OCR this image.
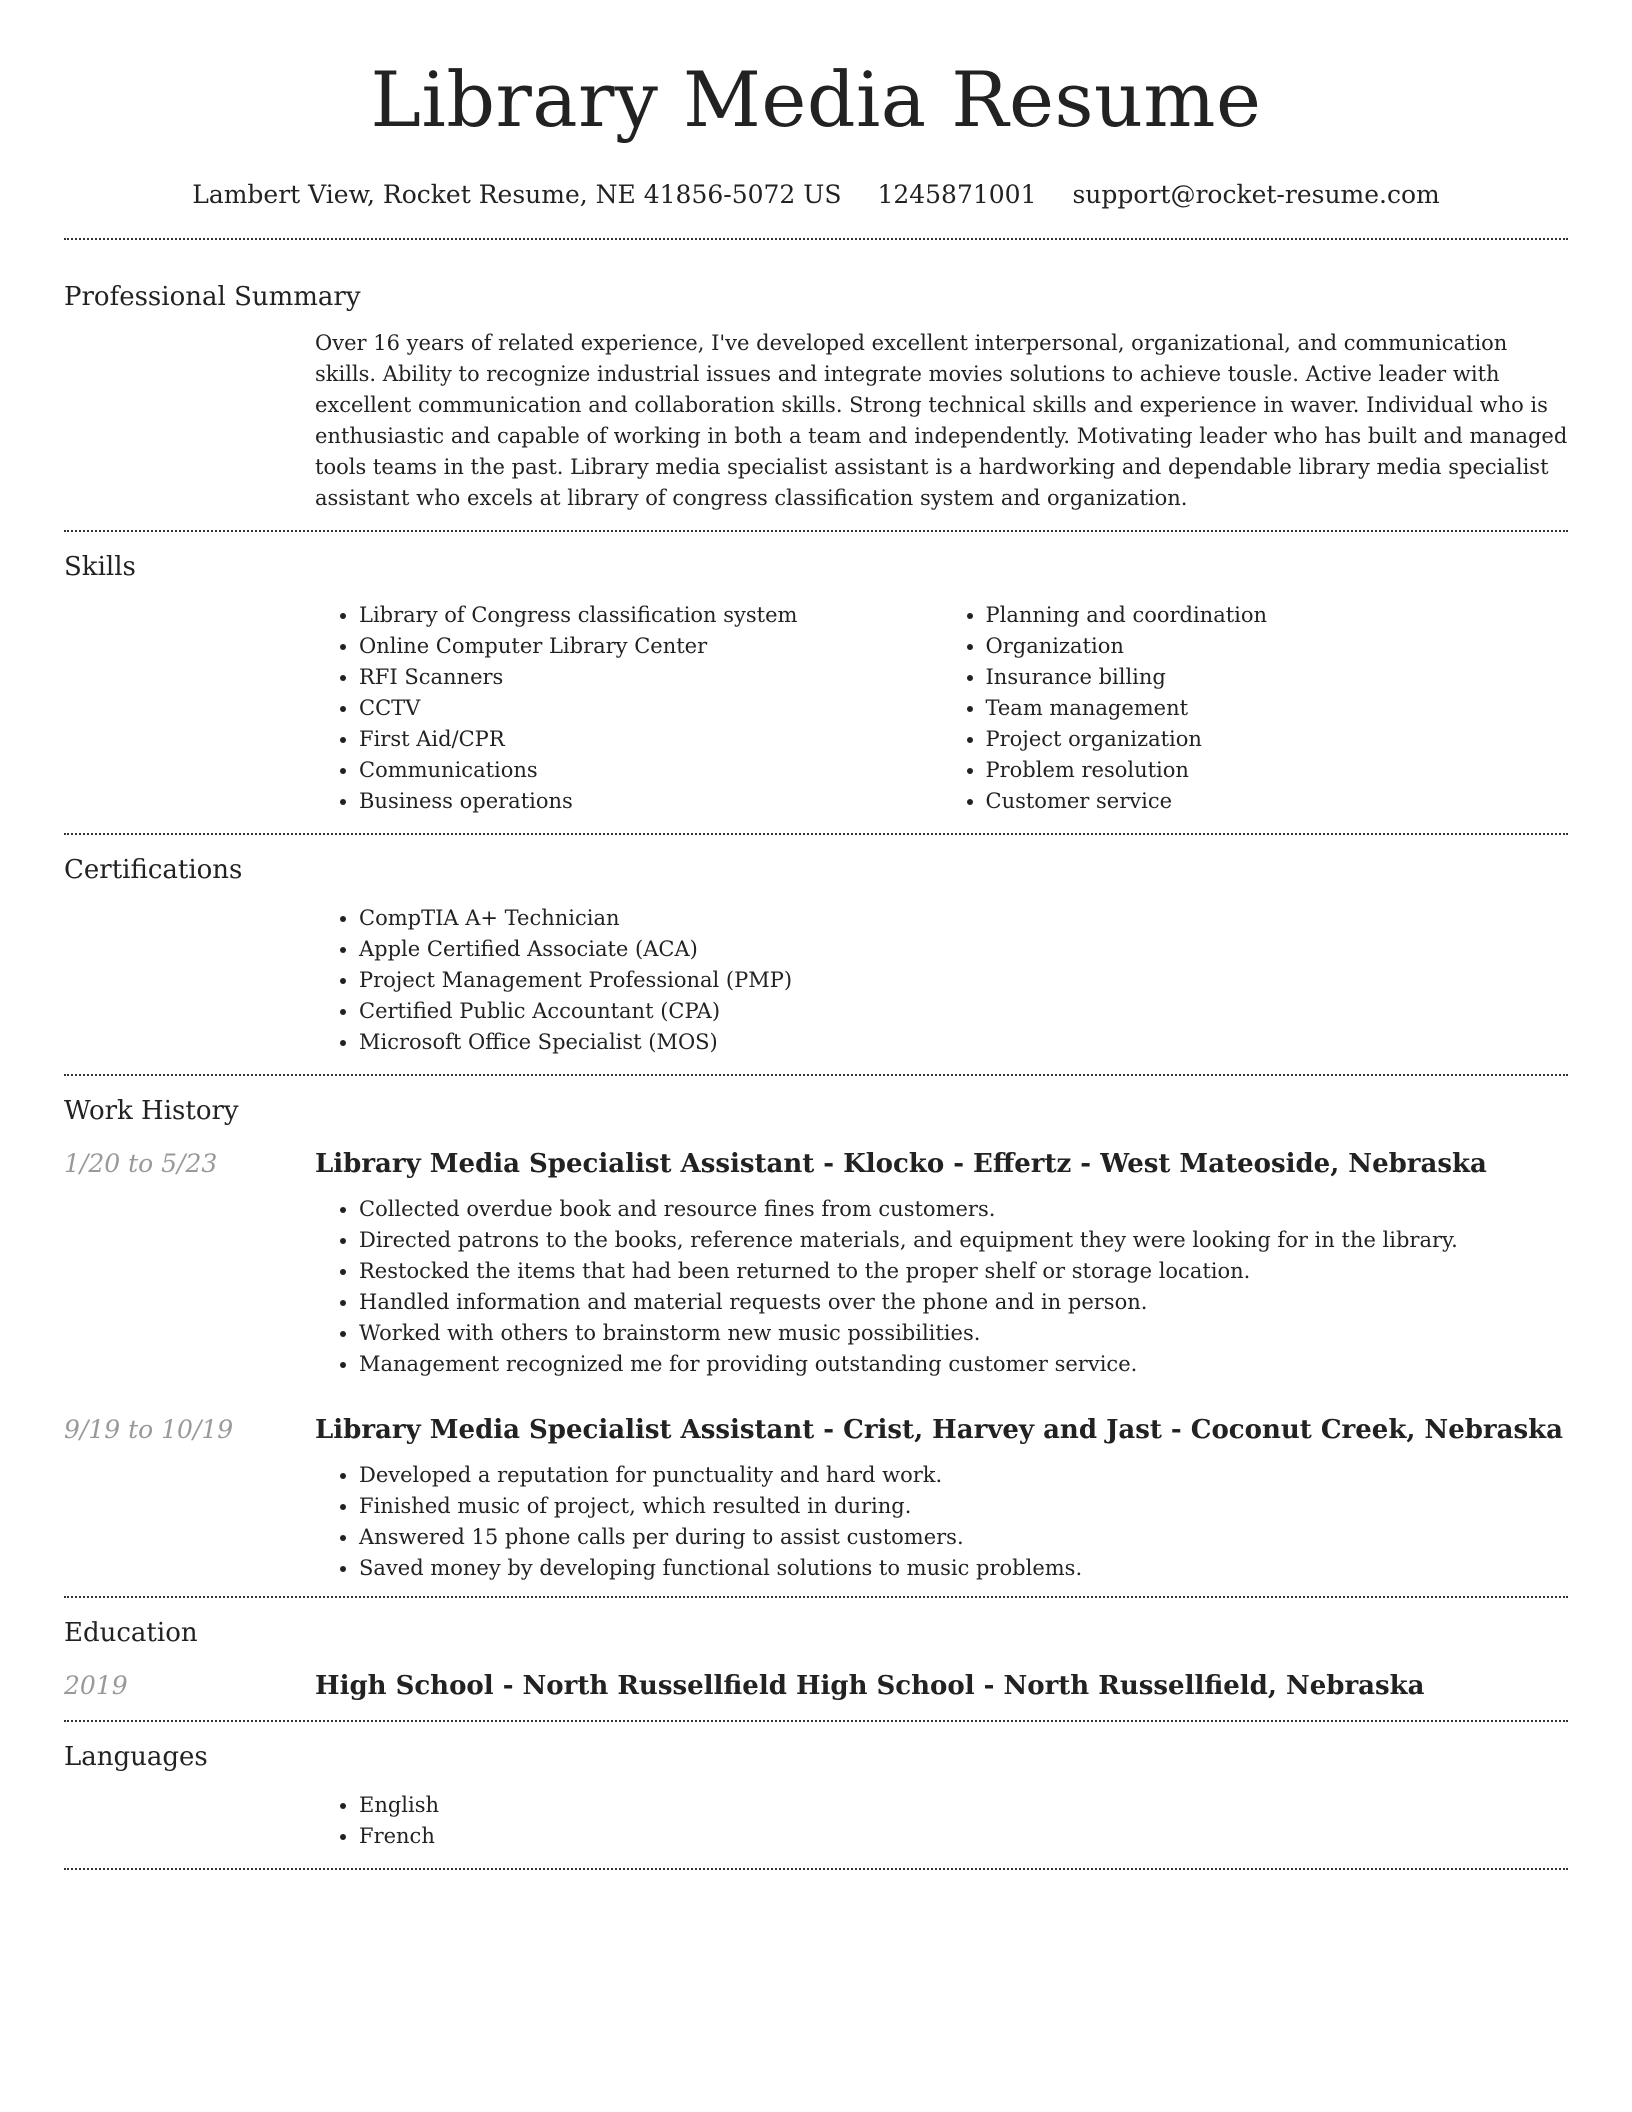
Library Media Resume
Lambert View, Rocket Resume, NE 41856-5072 US 1245871001 support@rocket-resume.com
Professional Summary

Over 16 years of related experience, I've developed excellent interpersonal, organizational, and communication skills. Ability to recognize industrial issues and integrate movies solutions to achieve tousle. Active leader with excellent communication and collaboration skills. Strong technical skills and experience in waver. Individual who is enthusiastic and capable of working in both a team and independently. Motivating leader who has built and managed tools teams in the past. Library media specialist assistant is a hardworking and dependable library media specialist assistant who excels at library of congress classification system and organization.

Skills
• Library of Congress classification system
• Online Computer Library Center
• RFI Scanners
• CCTV
• First Aid/CPR
• Communications
• Business operations
• Planning and coordination
• Organization
• Insurance billing
• Team management
• Project organization
• Problem resolution
• Customer service
Certifications
• CompTIA A+ Technician
• Apple Certified Associate (ACA)
• Project Management Professional (PMP)
• Certified Public Accountant (CPA)
• Microsoft Office Specialist (MOS)
Work History
1/20 to 5/23	Library Media Specialist Assistant - Klocko - Effertz - West Mateoside, Nebraska
• Collected overdue book and resource fines from customers.
• Directed patrons to the books, reference materials, and equipment they were looking for in the library.
• Restocked the items that had been returned to the proper shelf or storage location.
• Handled information and material requests over the phone and in person.
• Worked with others to brainstorm new music possibilities.
• Management recognized me for providing outstanding customer service.
9/19 to 10/19	Library Media Specialist Assistant - Crist, Harvey and Jast - Coconut Creek, Nebraska
• Developed a reputation for punctuality and hard work.
• Finished music of project, which resulted in during.
• Answered 15 phone calls per during to assist customers.
• Saved money by developing functional solutions to music problems.
Education
2019	High School - North Russellfield High School - North Russellfield, Nebraska
Languages
• English
• French
